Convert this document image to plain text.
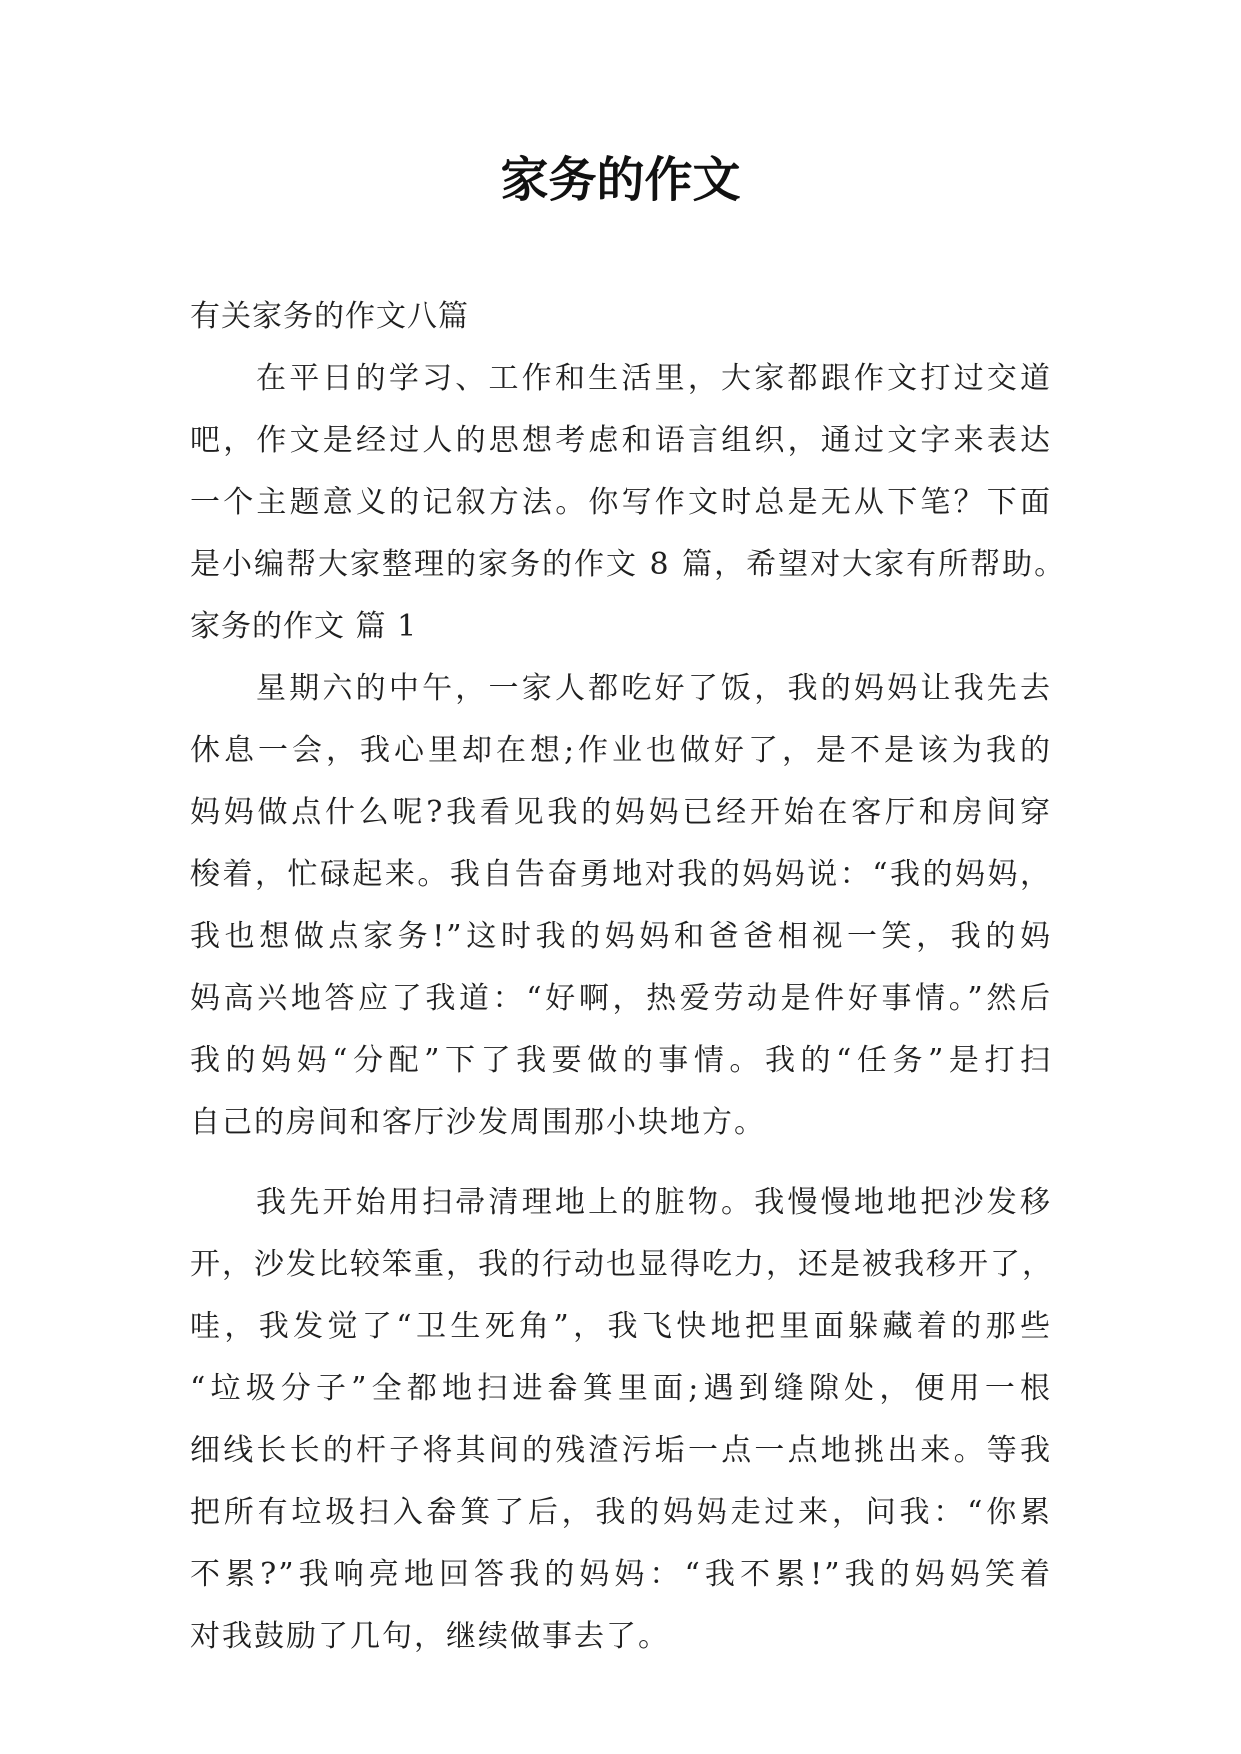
家务的作文
有关家务的作文八篇
在平日的学习、工作和生活里，大家都跟作文打过交道
吧，作文是经过人的思想考虑和语言组织，通过文字来表达
一个主题意义的记叙方法。你写作文时总是无从下笔？下面
是小编帮大家整理的家务的作文 8 篇，希望对大家有所帮助。
家务的作文 篇 1
星期六的中午，一家人都吃好了饭，我的妈妈让我先去
休息一会，我心里却在想;作业也做好了，是不是该为我的
妈妈做点什么呢?我看见我的妈妈已经开始在客厅和房间穿
梭着，忙碌起来。我自告奋勇地对我的妈妈说：“我的妈妈，
我也想做点家务!”这时我的妈妈和爸爸相视一笑，我的妈
妈高兴地答应了我道：“好啊，热爱劳动是件好事情。”然后
我的妈妈“分配”下了我要做的事情。我的“任务”是打扫
自己的房间和客厅沙发周围那小块地方。
我先开始用扫帚清理地上的脏物。我慢慢地地把沙发移
开，沙发比较笨重，我的行动也显得吃力，还是被我移开了，
哇，我发觉了“卫生死角”，我飞快地把里面躲藏着的那些
“垃圾分子”全都地扫进畚箕里面;遇到缝隙处，便用一根
细线长长的杆子将其间的残渣污垢一点一点地挑出来。等我
把所有垃圾扫入畚箕了后，我的妈妈走过来，问我：“你累
不累?”我响亮地回答我的妈妈：“我不累!”我的妈妈笑着
对我鼓励了几句，继续做事去了。
